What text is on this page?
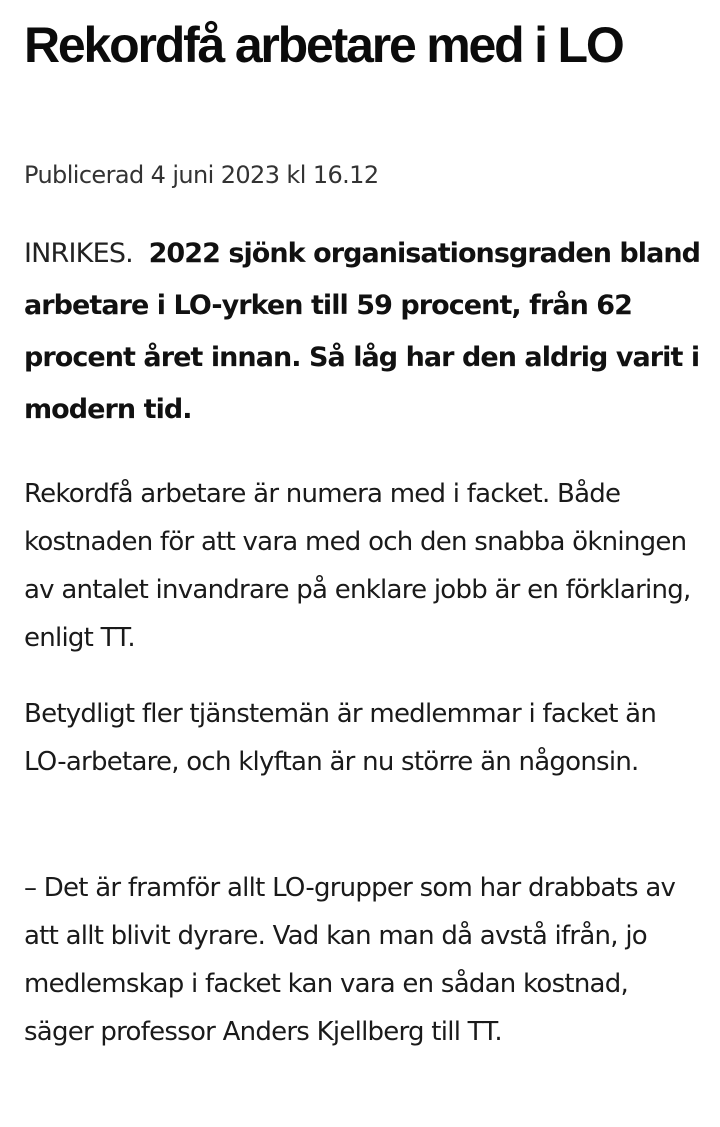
Rekordfå arbetare med i LO

Publicerad 4 juni 2023 kl 16.12

INRIKES. 2022 sjönk organisationsgraden bland arbetare i LO-yrken till 59 procent, från 62 procent året innan. Så låg har den aldrig varit i modern tid.

Rekordfå arbetare är numera med i facket. Både kostnaden för att vara med och den snabba ökningen av antalet invandrare på enklare jobb är en förklaring, enligt TT.

Betydligt fler tjänstemän är medlemmar i facket än LO-arbetare, och klyftan är nu större än någonsin.

– Det är framför allt LO-grupper som har drabbats av att allt blivit dyrare. Vad kan man då avstå ifrån, jo medlemskap i facket kan vara en sådan kostnad, säger professor Anders Kjellberg till TT.
